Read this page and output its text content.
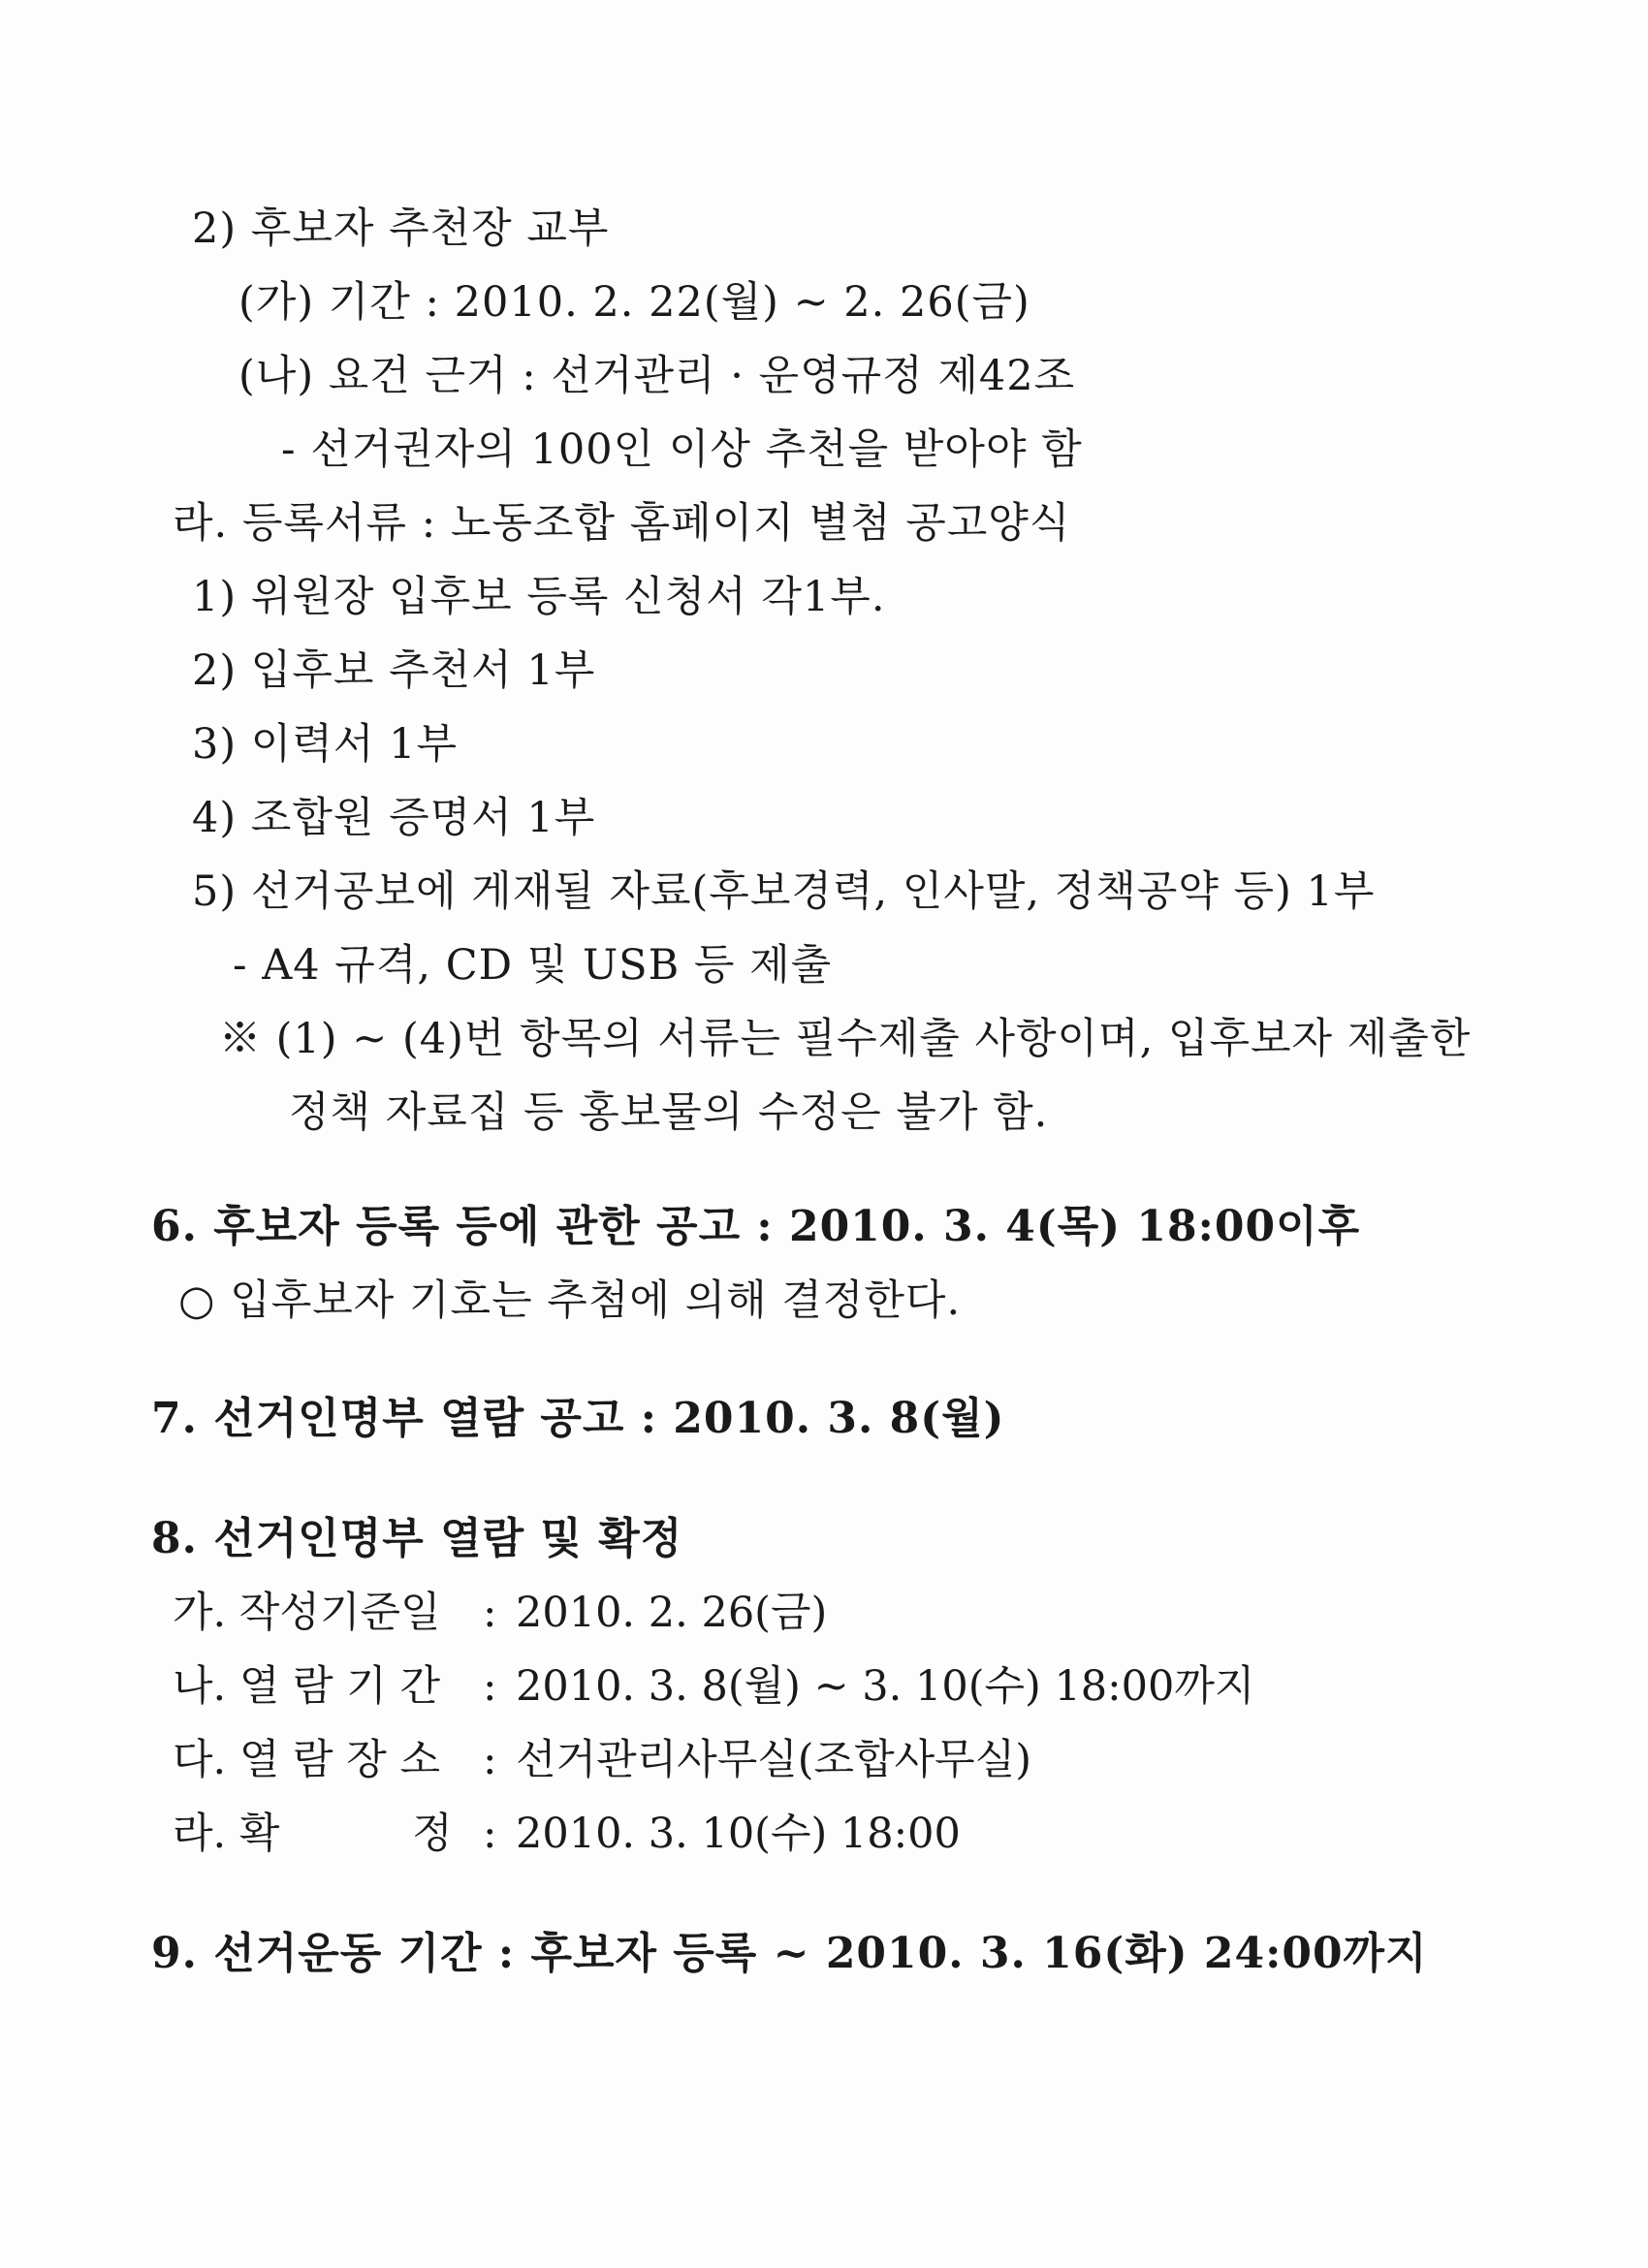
2) 후보자 추천장 교부
(가) 기간 : 2010. 2. 22(월) ~ 2. 26(금)
(나) 요건 근거 : 선거관리 · 운영규정 제42조
- 선거권자의 100인 이상 추천을 받아야 함
라. 등록서류 : 노동조합 홈페이지 별첨 공고양식
1) 위원장 입후보 등록 신청서 각1부.
2) 입후보 추천서 1부
3) 이력서 1부
4) 조합원 증명서 1부
5) 선거공보에 게재될 자료(후보경력, 인사말, 정책공약 등) 1부
- A4 규격, CD 및 USB 등 제출
※ (1) ~ (4)번 항목의 서류는 필수제출 사항이며, 입후보자 제출한
정책 자료집 등 홍보물의 수정은 불가 함.
6. 후보자 등록 등에 관한 공고 : 2010. 3. 4(목) 18:00이후
○ 입후보자 기호는 추첨에 의해 결정한다.
7. 선거인명부 열람 공고 : 2010. 3. 8(월)
8. 선거인명부 열람 및 확정
가. 작성기준일 : 2010. 2. 26(금)
나. 열 람 기 간 : 2010. 3. 8(월) ~ 3. 10(수) 18:00까지
다. 열 람 장 소 : 선거관리사무실(조합사무실)
라. 확          정 : 2010. 3. 10(수) 18:00
9. 선거운동 기간 : 후보자 등록 ~ 2010. 3. 16(화) 24:00까지
